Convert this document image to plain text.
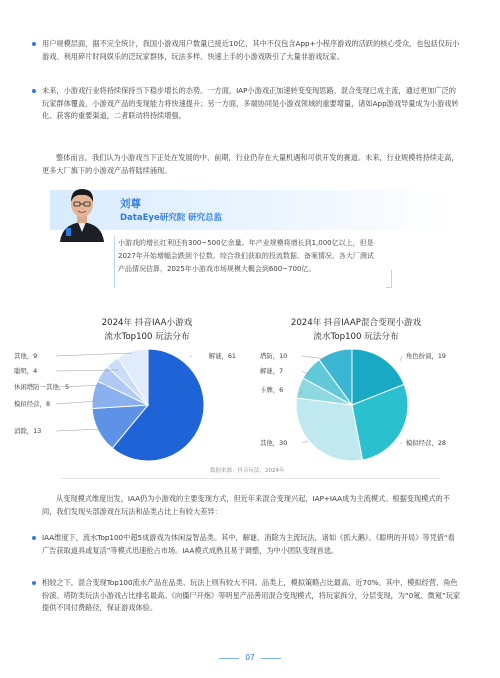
用户规模层面，据不完全统计，我国小游戏用户数量已接近10亿，其中不仅包含App+小程序游戏的活跃的核心受众，也包括仅玩小游戏、利用碎片时间娱乐的泛玩家群体，玩法多样、快速上手的小游戏吸引了大量非游戏玩家。
未来，小游戏行业将持续保持当下稳步增长的态势。一方面，IAP小游戏正加速转变变现思路，混合变现已成主流，通过更加广泛的玩家群体覆盖，小游戏产品的变现能力将快速提升；另一方面，多端协同是小游戏领域的重要增量，诸如App游戏导量成为小游戏转化、获客的重要渠道，二者联动将持续增强。
整体而言，我们认为小游戏当下正处在发展的中、前期，行业仍存在大量机遇和可供开发的赛道。未来，行业规模将持续走高，更多大厂旗下的小游戏产品将陆续涌现。
刘尊
DataEye研究院 研究总监
小游戏的增长红利还有300~500亿余量。年产业规模将增长到1,000亿以上，但是2027年开始增幅会跌到个位数。综合我们获取的投流数据、备案情况、各大厂测试产品情况估算，2025年小游戏市场规模大概会到600~700亿。
2024年 抖音IAA小游戏
流水Top100 玩法分布
2024年 抖音IAAP混合变现小游戏
流水Top100 玩法分布
其他，9
聪明，4
休闲塔防一其他，5
模拟经营，8
消除，13
解谜，61	角色扮演，19
模拟经营，28
其他，30
卡牌，6
解谜，7
塔防，10
数据来源：抖音玩法，2024年
从变现模式维度出发，IAA仍为小游戏的主要变现方式，但近年来混合变现兴起，IAP+IAA成为主流模式。根据变现模式的不同，我们发现头部游戏在玩法和品类占比上有较大差异：
IAA维度下，流水Top100中超5成游戏为休闲益智品类。其中，解谜、消除为主流玩法，诸如《抓大鹅》、《聪明的开局》等凭借“看广告获取道具或复活”等模式迅速抢占市场。IAA模式成熟且易于调整，为中小团队变现首选。
相较之下，混合变现Top100流水产品在品类、玩法上则有较大不同。品类上，模拟策略占比最高、近70%。其中，模拟经营、角色扮演、塔防类玩法小游戏占比排名最高。《向僵尸开炮》等明星产品善用混合变现模式，将玩家拆分，分层变现，为“0氪、微氪”玩家提供不同付费路径，保证游戏体验。
07
